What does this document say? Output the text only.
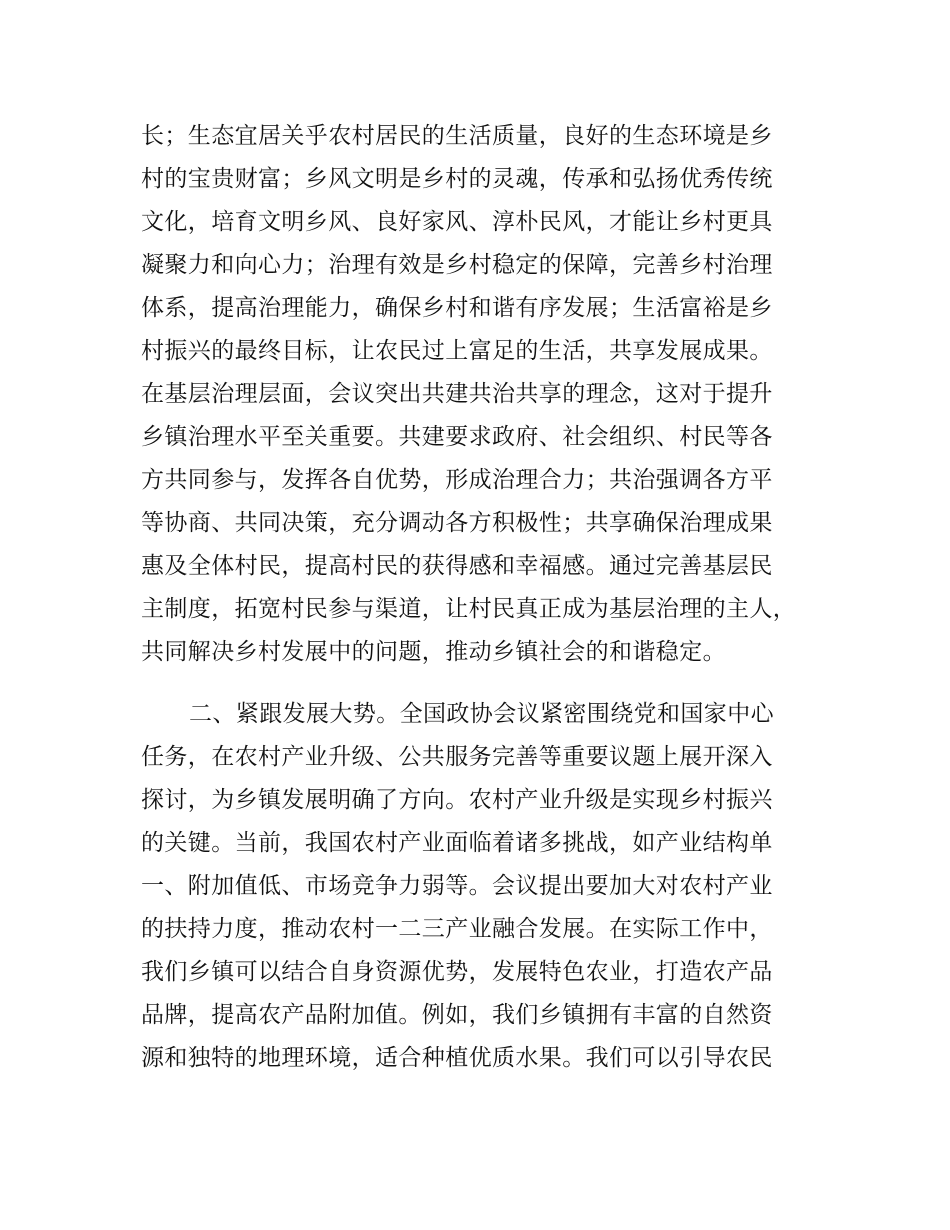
长；生态宜居关乎农村居民的生活质量，良好的生态环境是乡
村的宝贵财富；乡风文明是乡村的灵魂，传承和弘扬优秀传统
文化，培育文明乡风、良好家风、淳朴民风，才能让乡村更具
凝聚力和向心力；治理有效是乡村稳定的保障，完善乡村治理
体系，提高治理能力，确保乡村和谐有序发展；生活富裕是乡
村振兴的最终目标，让农民过上富足的生活，共享发展成果。
在基层治理层面，会议突出共建共治共享的理念，这对于提升
乡镇治理水平至关重要。共建要求政府、社会组织、村民等各
方共同参与，发挥各自优势，形成治理合力；共治强调各方平
等协商、共同决策，充分调动各方积极性；共享确保治理成果
惠及全体村民，提高村民的获得感和幸福感。通过完善基层民
主制度，拓宽村民参与渠道，让村民真正成为基层治理的主人，
共同解决乡村发展中的问题，推动乡镇社会的和谐稳定。
二、紧跟发展大势。全国政协会议紧密围绕党和国家中心
任务，在农村产业升级、公共服务完善等重要议题上展开深入
探讨，为乡镇发展明确了方向。农村产业升级是实现乡村振兴
的关键。当前，我国农村产业面临着诸多挑战，如产业结构单
一、附加值低、市场竞争力弱等。会议提出要加大对农村产业
的扶持力度，推动农村一二三产业融合发展。在实际工作中，
我们乡镇可以结合自身资源优势，发展特色农业，打造农产品
品牌，提高农产品附加值。例如，我们乡镇拥有丰富的自然资
源和独特的地理环境，适合种植优质水果。我们可以引导农民
